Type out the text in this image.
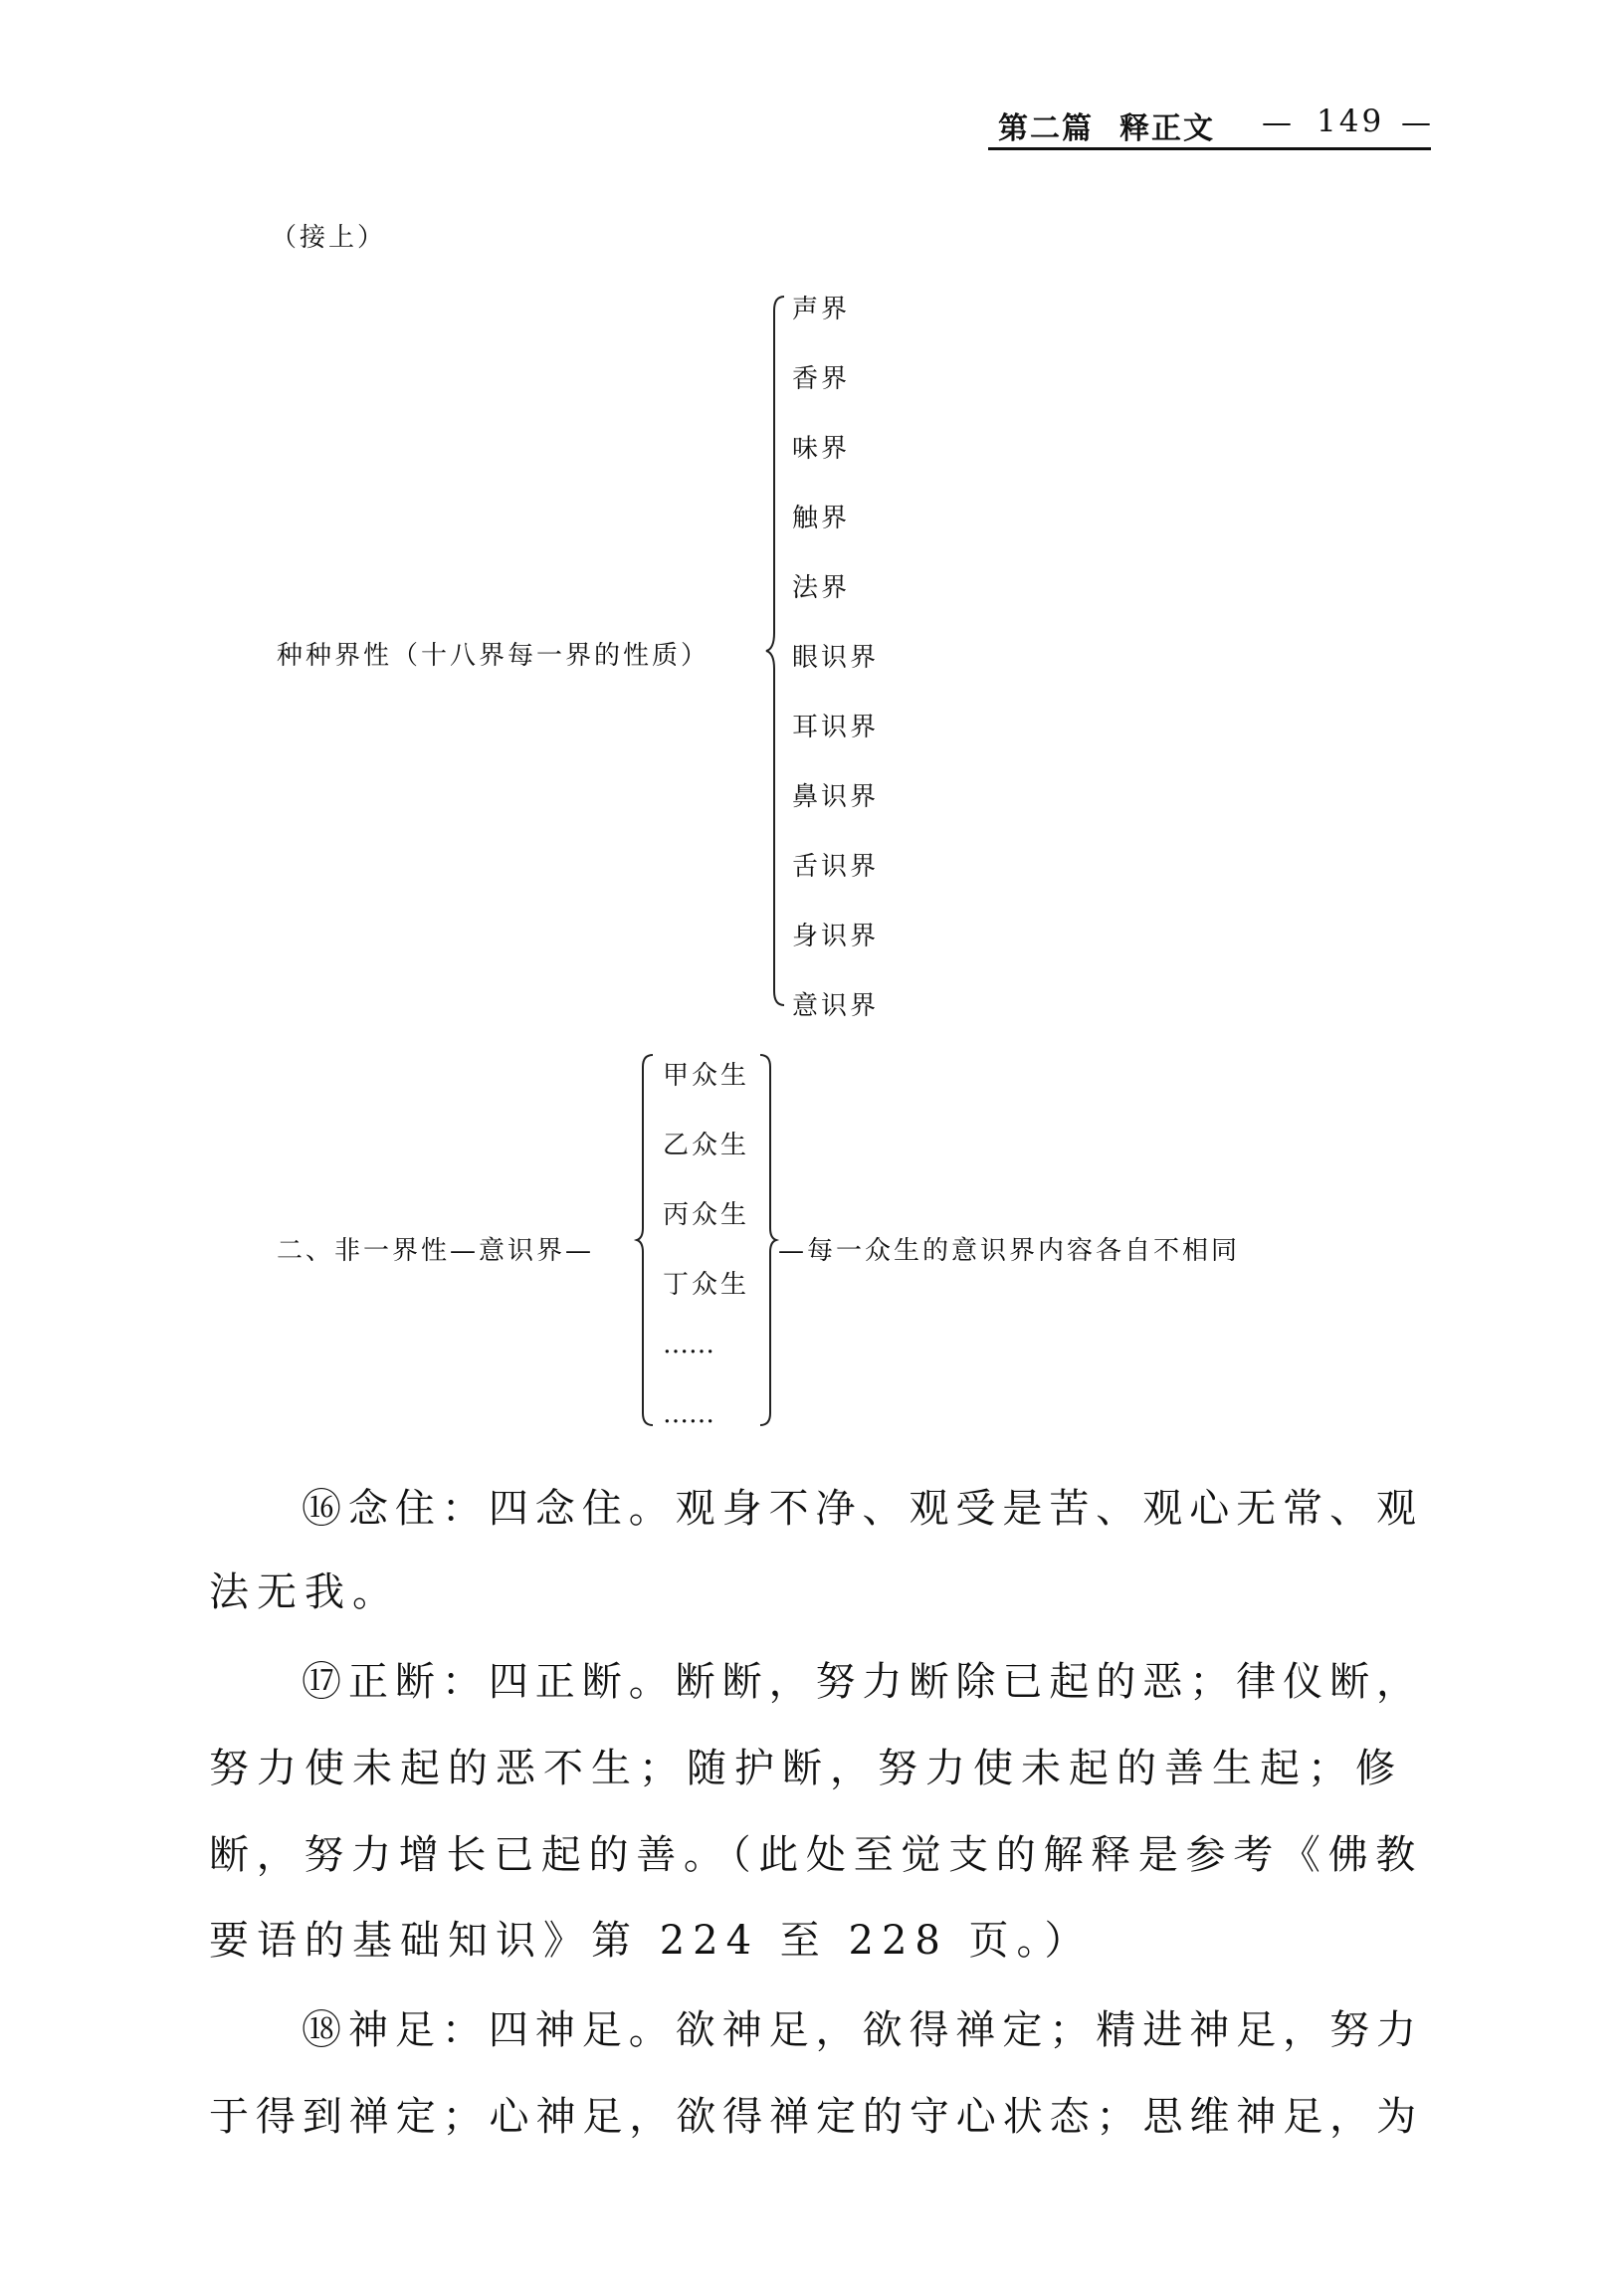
第二篇 释正文 — 149 —
（接上）
种种界性（十八界每一界的性质）
声界
香界
味界
触界
法界
眼识界
耳识界
鼻识界
舌识界
身识界
意识界
二、非一界性—意识界—
甲众生
乙众生
丙众生
丁众生
……
……
—每一众生的意识界内容各自不相同
⑯念住：四念住。观身不净、观受是苦、观心无常、观
法无我。
⑰正断：四正断。断断，努力断除已起的恶；律仪断，
努力使未起的恶不生；随护断，努力使未起的善生起；修
断，努力增长已起的善。（此处至觉支的解释是参考《佛教
要语的基础知识》第 224 至 228 页。）
⑱神足：四神足。欲神足，欲得禅定；精进神足，努力
于得到禅定；心神足，欲得禅定的守心状态；思维神足，为
